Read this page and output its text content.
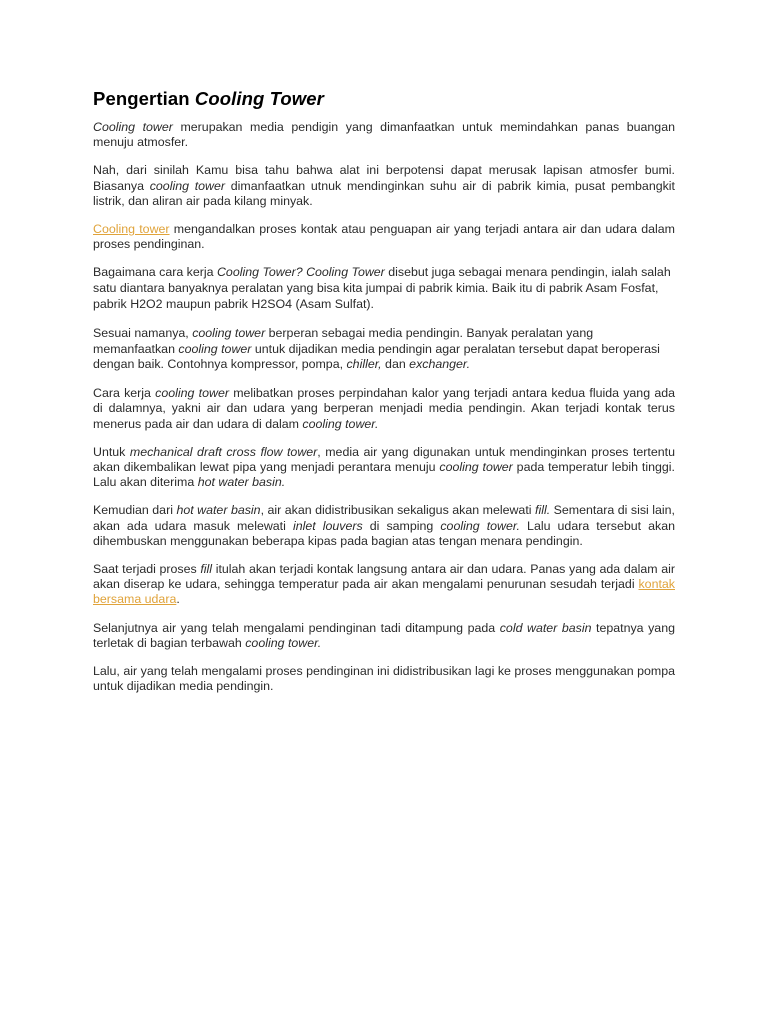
Pengertian Cooling Tower

Cooling tower merupakan media pendigin yang dimanfaatkan untuk memindahkan panas buangan menuju atmosfer.

Nah, dari sinilah Kamu bisa tahu bahwa alat ini berpotensi dapat merusak lapisan atmosfer bumi. Biasanya cooling tower dimanfaatkan utnuk mendinginkan suhu air di pabrik kimia, pusat pembangkit listrik, dan aliran air pada kilang minyak.

Cooling tower mengandalkan proses kontak atau penguapan air yang terjadi antara air dan udara dalam proses pendinginan.

Bagaimana cara kerja Cooling Tower? Cooling Tower disebut juga sebagai menara pendingin, ialah salah satu diantara banyaknya peralatan yang bisa kita jumpai di pabrik kimia. Baik itu di pabrik Asam Fosfat, pabrik H2O2 maupun pabrik H2SO4 (Asam Sulfat).

Sesuai namanya, cooling tower berperan sebagai media pendingin. Banyak peralatan yang memanfaatkan cooling tower untuk dijadikan media pendingin agar peralatan tersebut dapat beroperasi dengan baik. Contohnya kompressor, pompa, chiller, dan exchanger.

Cara kerja cooling tower melibatkan proses perpindahan kalor yang terjadi antara kedua fluida yang ada di dalamnya, yakni air dan udara yang berperan menjadi media pendingin. Akan terjadi kontak terus menerus pada air dan udara di dalam cooling tower.

Untuk mechanical draft cross flow tower, media air yang digunakan untuk mendinginkan proses tertentu akan dikembalikan lewat pipa yang menjadi perantara menuju cooling tower pada temperatur lebih tinggi. Lalu akan diterima hot water basin.

Kemudian dari hot water basin, air akan didistribusikan sekaligus akan melewati fill. Sementara di sisi lain, akan ada udara masuk melewati inlet louvers di samping cooling tower. Lalu udara tersebut akan dihembuskan menggunakan beberapa kipas pada bagian atas tengan menara pendingin.

Saat terjadi proses fill itulah akan terjadi kontak langsung antara air dan udara. Panas yang ada dalam air akan diserap ke udara, sehingga temperatur pada air akan mengalami penurunan sesudah terjadi kontak bersama udara.

Selanjutnya air yang telah mengalami pendinginan tadi ditampung pada cold water basin tepatnya yang terletak di bagian terbawah cooling tower.

Lalu, air yang telah mengalami proses pendinginan ini didistribusikan lagi ke proses menggunakan pompa untuk dijadikan media pendingin.
